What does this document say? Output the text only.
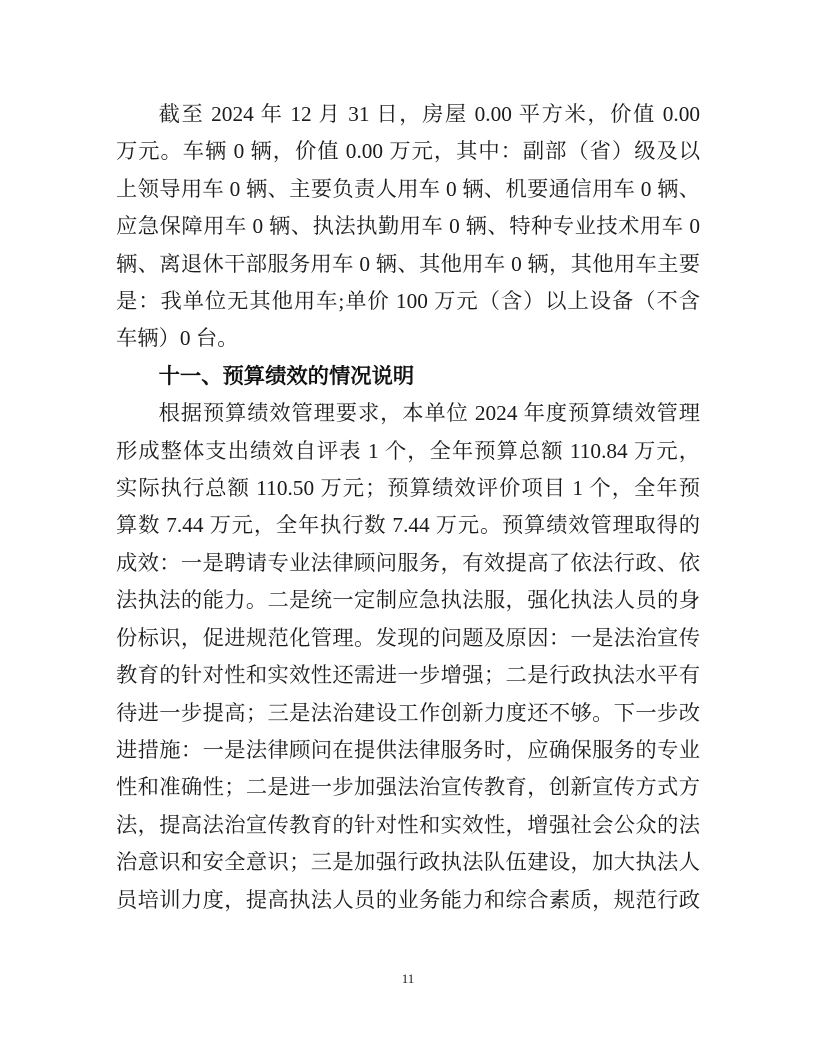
截至 2024 年 12 月 31 日，房屋 0.00 平方米，价值 0.00
万元。车辆 0 辆，价值 0.00 万元，其中：副部（省）级及以
上领导用车 0 辆、主要负责人用车 0 辆、机要通信用车 0 辆、
应急保障用车 0 辆、执法执勤用车 0 辆、特种专业技术用车 0
辆、离退休干部服务用车 0 辆、其他用车 0 辆，其他用车主要
是：我单位无其他用车;单价 100 万元（含）以上设备（不含
车辆）0 台。
十一、预算绩效的情况说明
根据预算绩效管理要求，本单位 2024 年度预算绩效管理
形成整体支出绩效自评表 1 个，全年预算总额 110.84 万元，
实际执行总额 110.50 万元；预算绩效评价项目 1 个，全年预
算数 7.44 万元，全年执行数 7.44 万元。预算绩效管理取得的
成效：一是聘请专业法律顾问服务，有效提高了依法行政、依
法执法的能力。二是统一定制应急执法服，强化执法人员的身
份标识，促进规范化管理。发现的问题及原因：一是法治宣传
教育的针对性和实效性还需进一步增强；二是行政执法水平有
待进一步提高；三是法治建设工作创新力度还不够。下一步改
进措施：一是法律顾问在提供法律服务时，应确保服务的专业
性和准确性；二是进一步加强法治宣传教育，创新宣传方式方
法，提高法治宣传教育的针对性和实效性，增强社会公众的法
治意识和安全意识；三是加强行政执法队伍建设，加大执法人
员培训力度，提高执法人员的业务能力和综合素质，规范行政
11
